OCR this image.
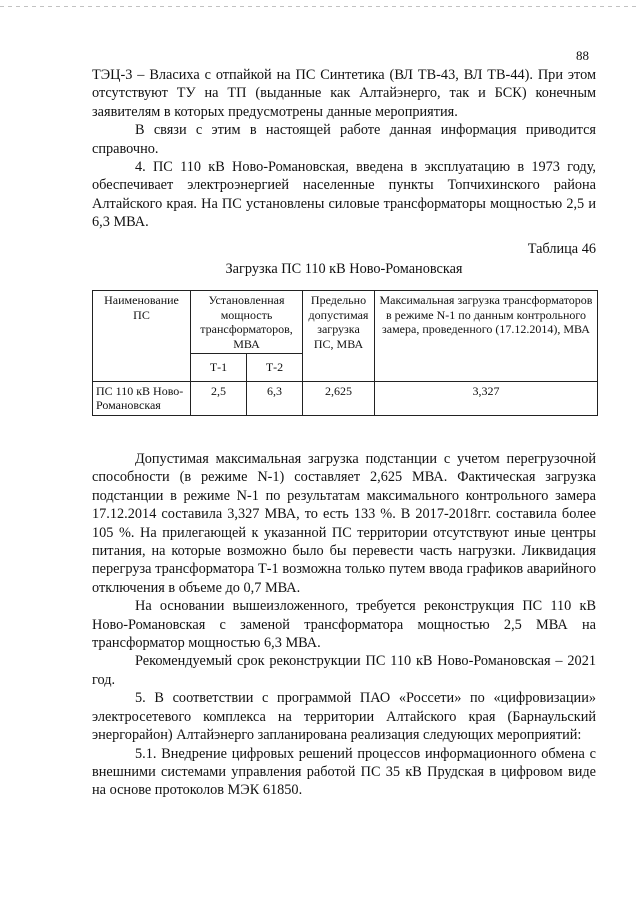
88

ТЭЦ-3 – Власиха с отпайкой на ПС Синтетика (ВЛ ТВ-43, ВЛ ТВ-44). При этом отсутствуют ТУ на ТП (выданные как Алтайэнерго, так и БСК) конечным заявителям в которых предусмотрены данные мероприятия.

В связи с этим в настоящей работе данная информация приводится справочно.

4. ПС 110 кВ Ново-Романовская, введена в эксплуатацию в 1973 году, обеспечивает электроэнергией населенные пункты Топчихинского района Алтайского края. На ПС установлены силовые трансформаторы мощностью 2,5 и 6,3 МВА.

Таблица 46

Загрузка ПС 110 кВ Ново-Романовская

Наименование ПС	Установленная мощность трансформаторов, МВА		Предельно допустимая загрузка ПС, МВА	Максимальная загрузка трансформаторов в режиме N-1 по данным контрольного замера, проведенного (17.12.2014), МВА
	Т-1	Т-2		
ПС 110 кВ Ново-Романовская	2,5	6,3	2,625	3,327

Допустимая максимальная загрузка подстанции с учетом перегрузочной способности (в режиме N-1) составляет 2,625 МВА. Фактическая загрузка подстанции в режиме N-1 по результатам максимального контрольного замера 17.12.2014 составила 3,327 МВА, то есть 133 %. В 2017-2018гг. составила более 105 %. На прилегающей к указанной ПС территории отсутствуют иные центры питания, на которые возможно было бы перевести часть нагрузки. Ликвидация перегруза трансформатора Т-1 возможна только путем ввода графиков аварийного отключения в объеме до 0,7 МВА.

На основании вышеизложенного, требуется реконструкция ПС 110 кВ Ново-Романовская с заменой трансформатора мощностью 2,5 МВА на трансформатор мощностью 6,3 МВА.

Рекомендуемый срок реконструкции ПС 110 кВ Ново-Романовская – 2021 год.

5. В соответствии с программой ПАО «Россети» по «цифровизации» электросетевого комплекса на территории Алтайского края (Барнаульский энергорайон) Алтайэнерго запланирована реализация следующих мероприятий:

5.1. Внедрение цифровых решений процессов информационного обмена с внешними системами управления работой ПС 35 кВ Прудская в цифровом виде на основе протоколов МЭК 61850.
